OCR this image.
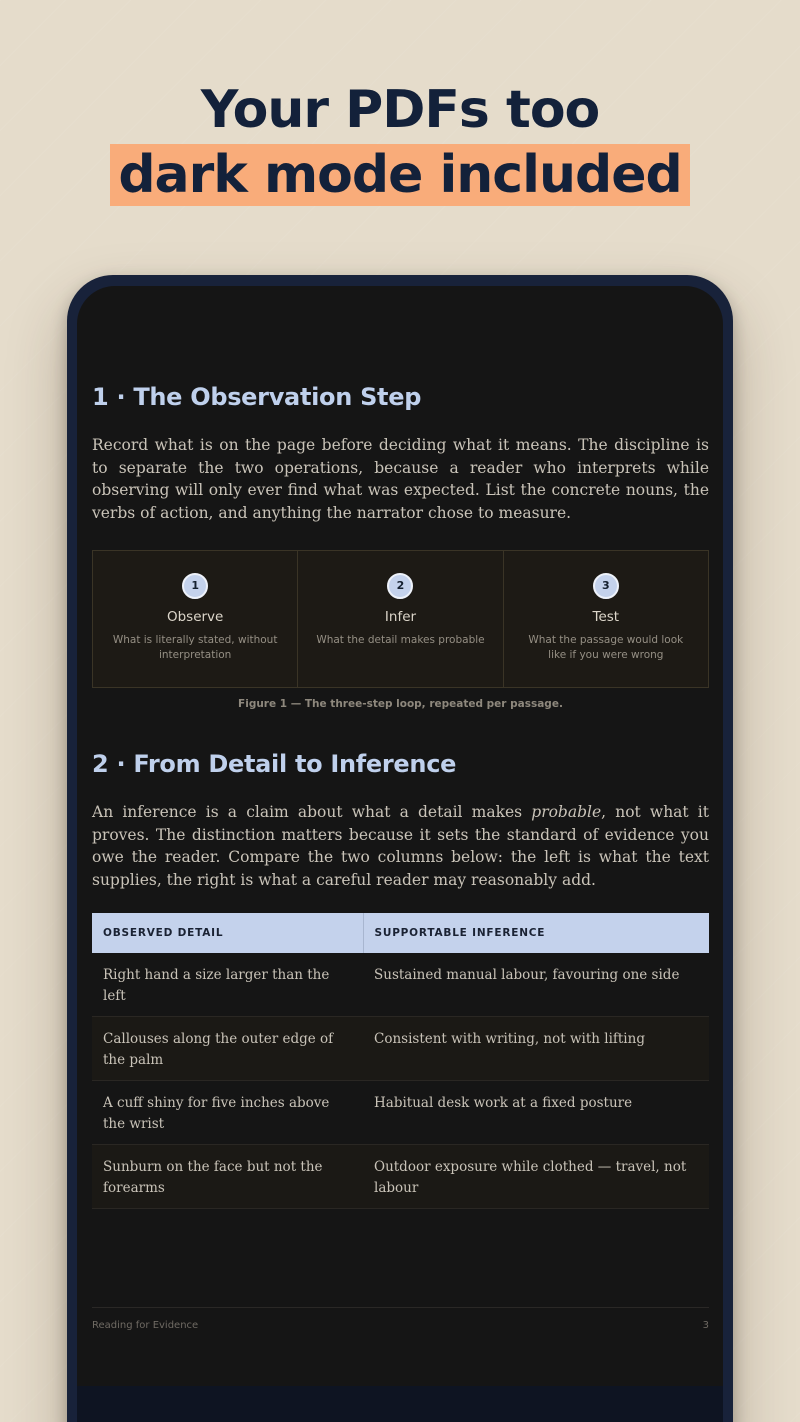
Your PDFs too
dark mode included
1 · The Observation Step

Record what is on the page before deciding what it means. The discipline is to separate the two operations, because a reader who interprets while observing will only ever find what was expected. List the concrete nouns, the verbs of action, and anything the narrator chose to measure.

1
Observe
What is literally stated, without interpretation
2
Infer
What the detail makes probable
3
Test
What the passage would look like if you were wrong
Figure 1 — The three-step loop, repeated per passage.
2 · From Detail to Inference

An inference is a claim about what a detail makes probable, not what it proves. The distinction matters because it sets the standard of evidence you owe the reader. Compare the two columns below: the left is what the text supplies, the right is what a careful reader may reasonably add.

OBSERVED DETAIL	SUPPORTABLE INFERENCE
Right hand a size larger than the left	Sustained manual labour, favouring one side
Callouses along the outer edge of the palm	Consistent with writing, not with lifting
A cuff shiny for five inches above the wrist	Habitual desk work at a fixed posture
Sunburn on the face but not the forearms	Outdoor exposure while clothed — travel, not labour
Reading for Evidence	3
